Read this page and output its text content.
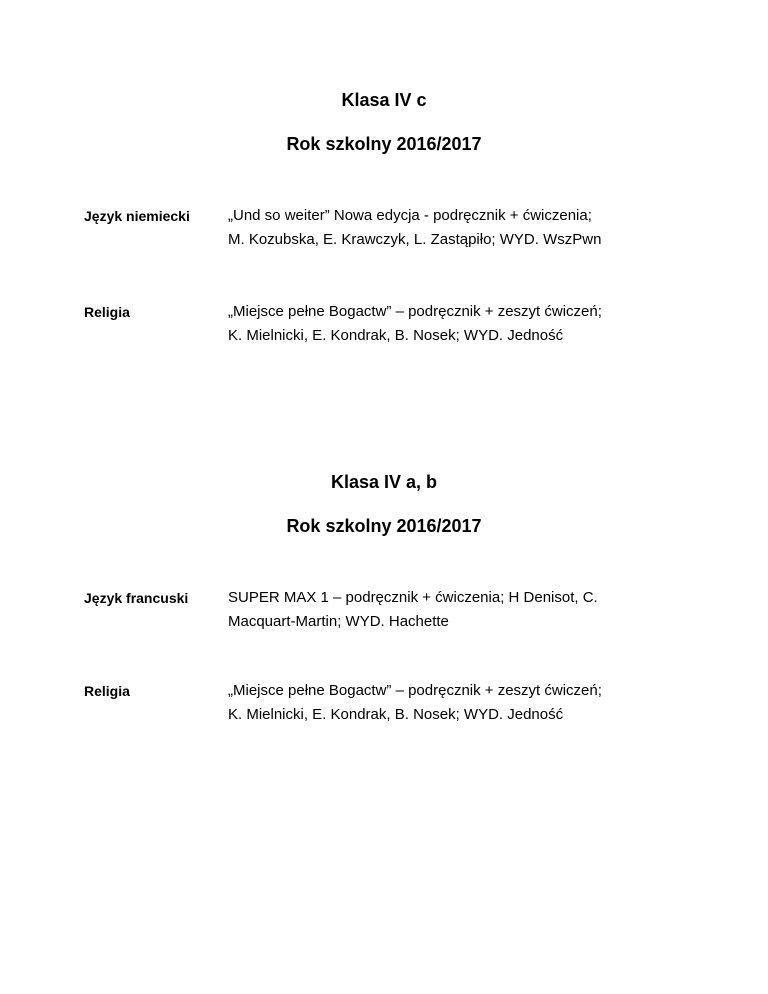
Klasa IV c
Rok szkolny 2016/2017
Język niemiecki	„Und so weiter” Nowa edycja - podręcznik + ćwiczenia;
M. Kozubska, E. Krawczyk, L. Zastąpiło; WYD. WszPwn
Religia	„Miejsce pełne Bogactw” – podręcznik + zeszyt ćwiczeń;
K. Mielnicki, E. Kondrak, B. Nosek; WYD. Jedność
Klasa IV a, b
Rok szkolny 2016/2017
Język francuski	SUPER MAX 1 – podręcznik + ćwiczenia; H Denisot, C.
Macquart-Martin; WYD. Hachette
Religia	„Miejsce pełne Bogactw” – podręcznik + zeszyt ćwiczeń;
K. Mielnicki, E. Kondrak, B. Nosek; WYD. Jedność
